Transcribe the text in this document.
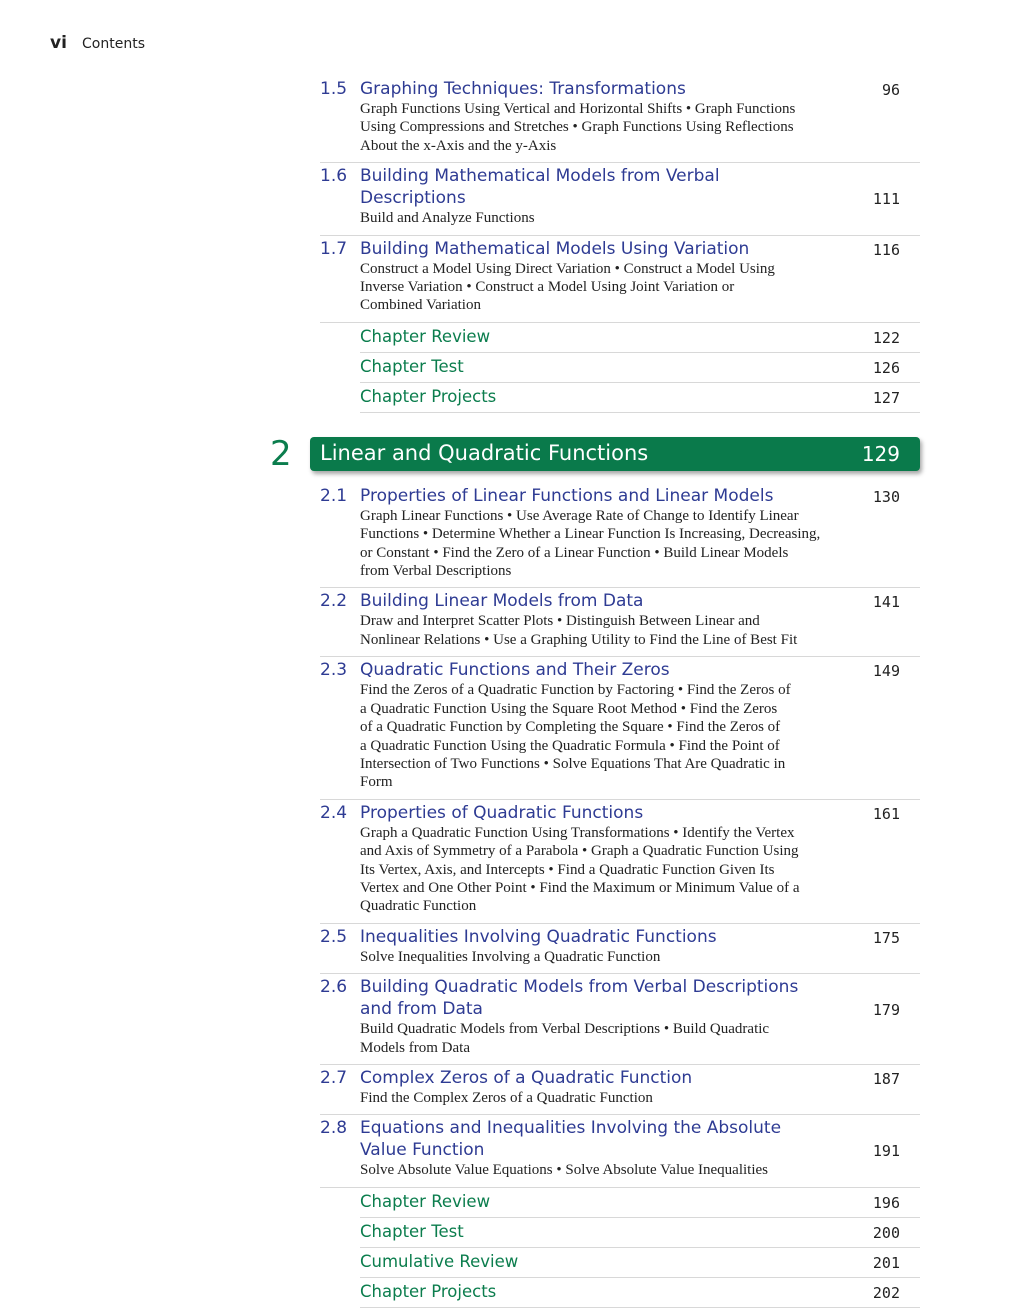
vi Contents
1.5 Graphing Techniques: Transformations
Graph Functions Using Vertical and Horizontal Shifts • Graph Functions
Using Compressions and Stretches • Graph Functions Using Reflections
About the x-Axis and the y-Axis
96
1.6 Building Mathematical Models from Verbal Descriptions
Build and Analyze Functions
111
1.7 Building Mathematical Models Using Variation
Construct a Model Using Direct Variation • Construct a Model Using
Inverse Variation • Construct a Model Using Joint Variation or
Combined Variation
116
Chapter Review	122
Chapter Test	126
Chapter Projects	127
2 Linear and Quadratic Functions	129
2.1 Properties of Linear Functions and Linear Models
Graph Linear Functions • Use Average Rate of Change to Identify Linear
Functions • Determine Whether a Linear Function Is Increasing, Decreasing,
or Constant • Find the Zero of a Linear Function • Build Linear Models
from Verbal Descriptions
130
2.2 Building Linear Models from Data
Draw and Interpret Scatter Plots • Distinguish Between Linear and
Nonlinear Relations • Use a Graphing Utility to Find the Line of Best Fit
141
2.3 Quadratic Functions and Their Zeros
Find the Zeros of a Quadratic Function by Factoring • Find the Zeros of
a Quadratic Function Using the Square Root Method • Find the Zeros
of a Quadratic Function by Completing the Square • Find the Zeros of
a Quadratic Function Using the Quadratic Formula • Find the Point of
Intersection of Two Functions • Solve Equations That Are Quadratic in
Form
149
2.4 Properties of Quadratic Functions
Graph a Quadratic Function Using Transformations • Identify the Vertex
and Axis of Symmetry of a Parabola • Graph a Quadratic Function Using
Its Vertex, Axis, and Intercepts • Find a Quadratic Function Given Its
Vertex and One Other Point • Find the Maximum or Minimum Value of a
Quadratic Function
161
2.5 Inequalities Involving Quadratic Functions
Solve Inequalities Involving a Quadratic Function
175
2.6 Building Quadratic Models from Verbal Descriptions and from Data
Build Quadratic Models from Verbal Descriptions • Build Quadratic
Models from Data
179
2.7 Complex Zeros of a Quadratic Function
Find the Complex Zeros of a Quadratic Function
187
2.8 Equations and Inequalities Involving the Absolute Value Function
Solve Absolute Value Equations • Solve Absolute Value Inequalities
191
Chapter Review	196
Chapter Test	200
Cumulative Review	201
Chapter Projects	202
